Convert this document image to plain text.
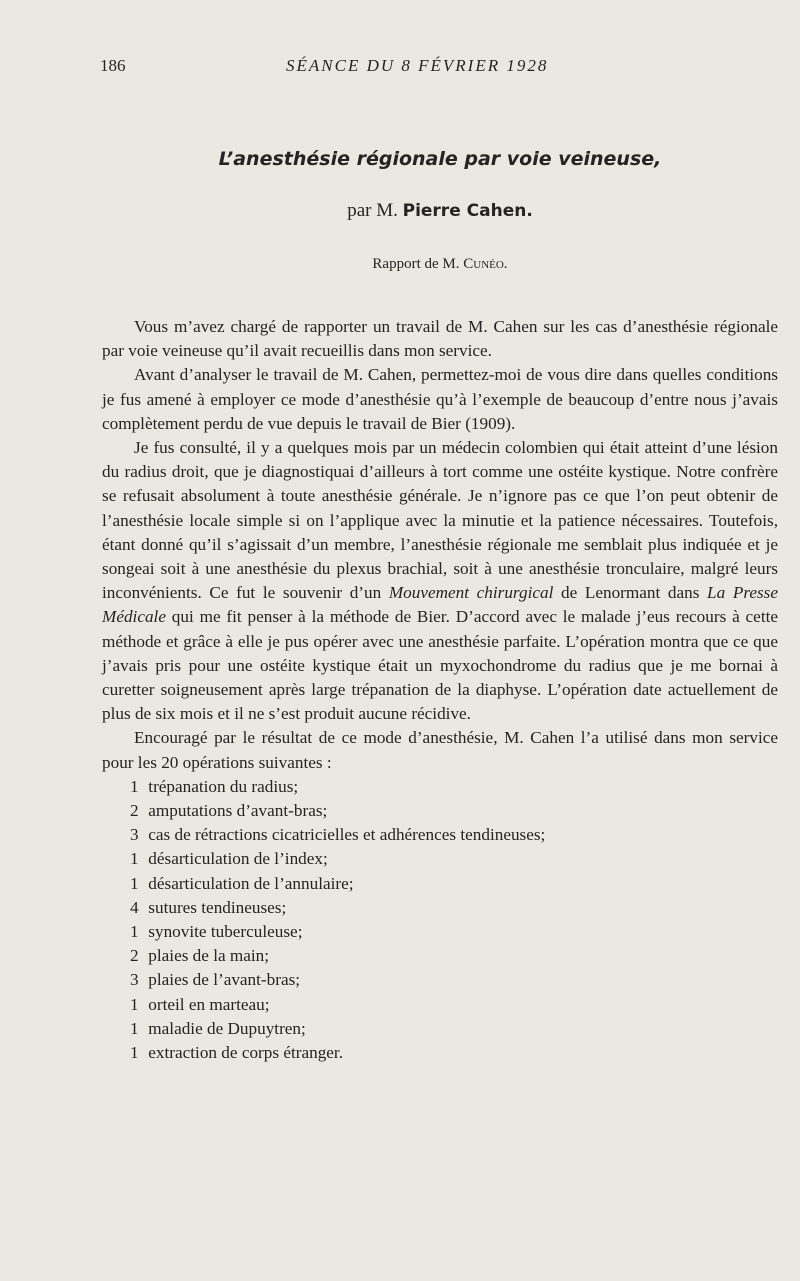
186	SÉANCE DU 8 FÉVRIER 1928
L’anesthésie régionale par voie veineuse,
par M. Pierre Cahen.
Rapport de M. Cunéo.

Vous m’avez chargé de rapporter un travail de M. Cahen sur les cas d’anesthésie régionale par voie veineuse qu’il avait recueillis dans mon service.

Avant d’analyser le travail de M. Cahen, permettez-moi de vous dire dans quelles conditions je fus amené à employer ce mode d’anesthésie qu’à l’exemple de beaucoup d’entre nous j’avais complètement perdu de vue depuis le travail de Bier (1909).

Je fus consulté, il y a quelques mois par un médecin colombien qui était atteint d’une lésion du radius droit, que je diagnostiquai d’ailleurs à tort comme une ostéite kystique. Notre confrère se refusait absolument à toute anesthésie générale. Je n’ignore pas ce que l’on peut obtenir de l’anesthésie locale simple si on l’applique avec la minutie et la patience nécessaires. Toutefois, étant donné qu’il s’agissait d’un membre, l’anesthésie régionale me semblait plus indiquée et je songeai soit à une anesthésie du plexus brachial, soit à une anesthésie tronculaire, malgré leurs inconvénients. Ce fut le souvenir d’un Mouvement chirurgical de Lenormant dans La Presse Médicale qui me fit penser à la méthode de Bier. D’accord avec le malade j’eus recours à cette méthode et grâce à elle je pus opérer avec une anesthésie parfaite. L’opération montra que ce que j’avais pris pour une ostéite kystique était un myxochondrome du radius que je me bornai à curetter soigneusement après large trépanation de la diaphyse. L’opération date actuellement de plus de six mois et il ne s’est produit aucune récidive.

Encouragé par le résultat de ce mode d’anesthésie, M. Cahen l’a utilisé dans mon service pour les 20 opérations suivantes :

1 trépanation du radius;
2 amputations d’avant-bras;
3 cas de rétractions cicatricielles et adhérences tendineuses;
1 désarticulation de l’index;
1 désarticulation de l’annulaire;
4 sutures tendineuses;
1 synovite tuberculeuse;
2 plaies de la main;
3 plaies de l’avant-bras;
1 orteil en marteau;
1 maladie de Dupuytren;
1 extraction de corps étranger.
